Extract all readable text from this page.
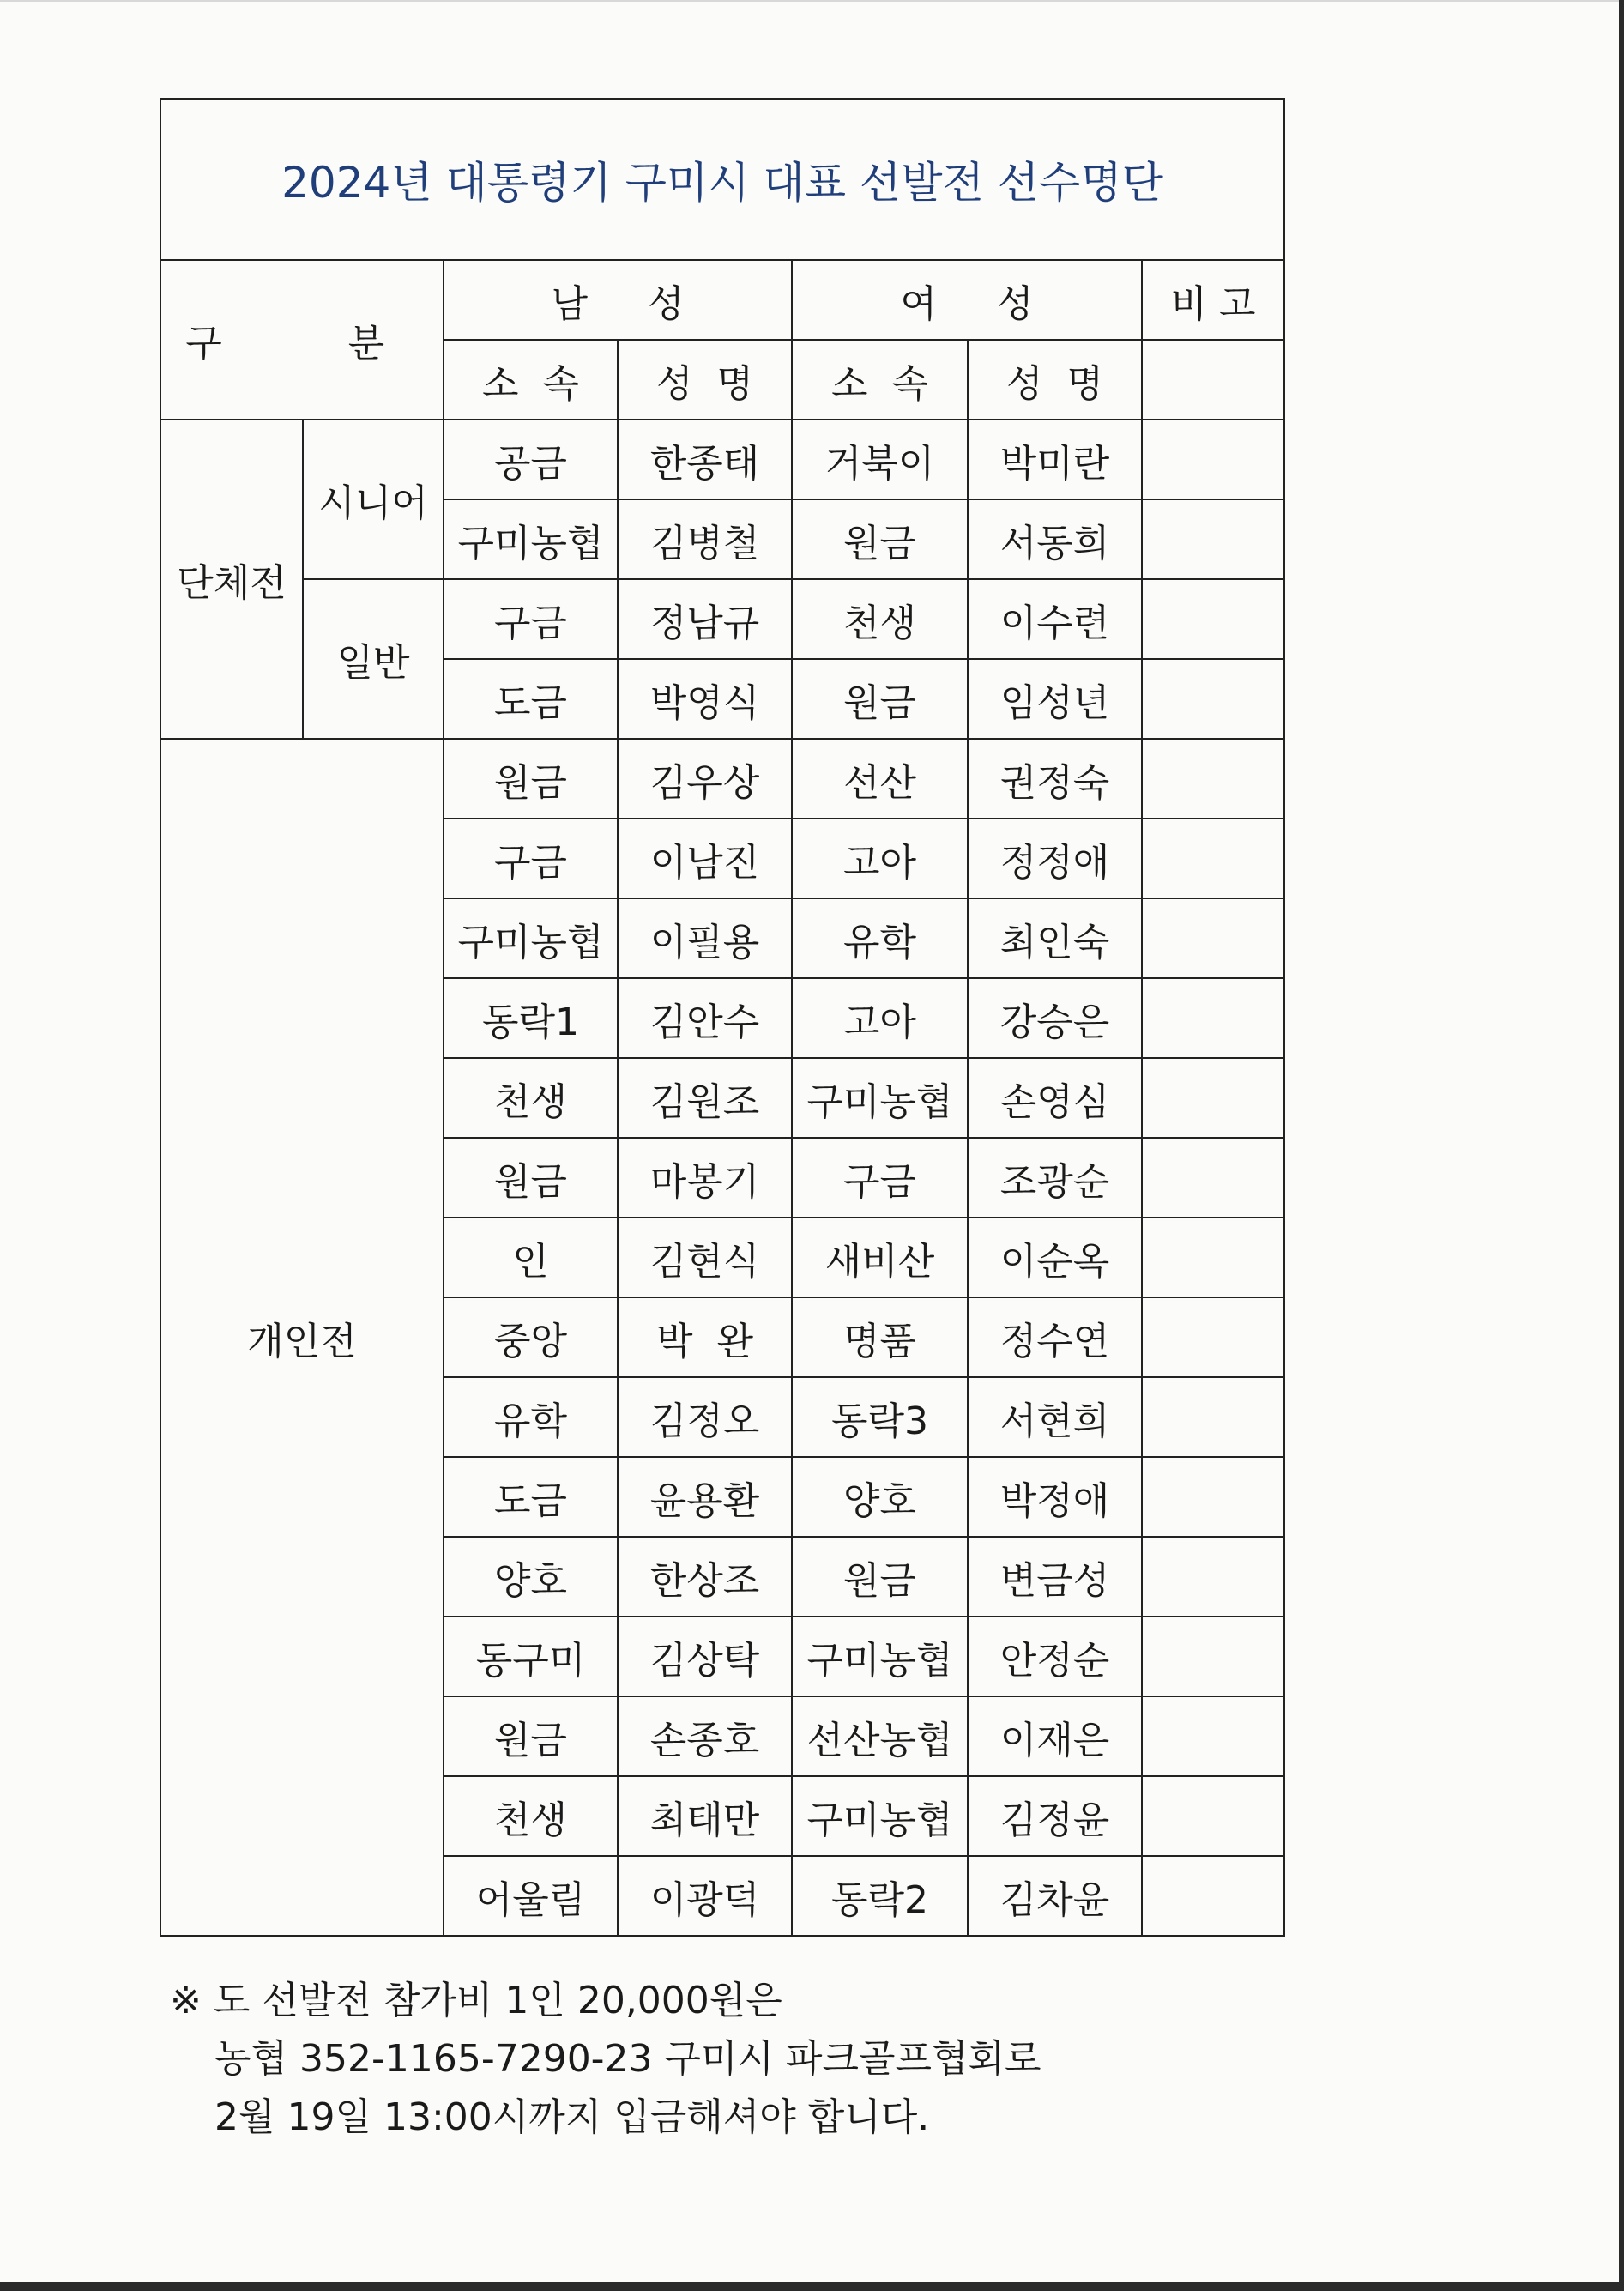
2024년 대통령기 구미시 대표 선발전 선수명단						
구  분		남     성		여     성		비 고
		소  속	성  명	소  속	성  명	
단체전	시니어	공금	한종태	거북이	박미란	
		구미농협	김병철	원금	서동희	
	일반	구금	정남규	천생	이수련	
		도금	박영식	원금	임성년	
개인전		원금	김우상	선산	권정숙	
		구금	이남진	고아	정정애	
		구미농협	이필용	유학	최인숙	
		동락1	김안수	고아	강승은	
		천생	김원조	구미농협	손영심	
		원금	마봉기	구금	조광순	
		인	김현식	새비산	이순옥	
		중앙	박  완	명품	정수연	
		유학	김정오	동락3	서현희	
		도금	윤용환	양호	박정애	
		양호	한상조	원금	변금성	
		동구미	김상탁	구미농협	안정순	
		원금	손종호	선산농협	이재은	
		천생	최태만	구미농협	김정윤	
		어울림	이광덕	동락2	김차윤	
※ 도 선발전 참가비 1인 20,000원은
농협 352-1165-7290-23 구미시 파크골프협회로
2월 19일 13:00시까지 입금해셔야 합니다.
